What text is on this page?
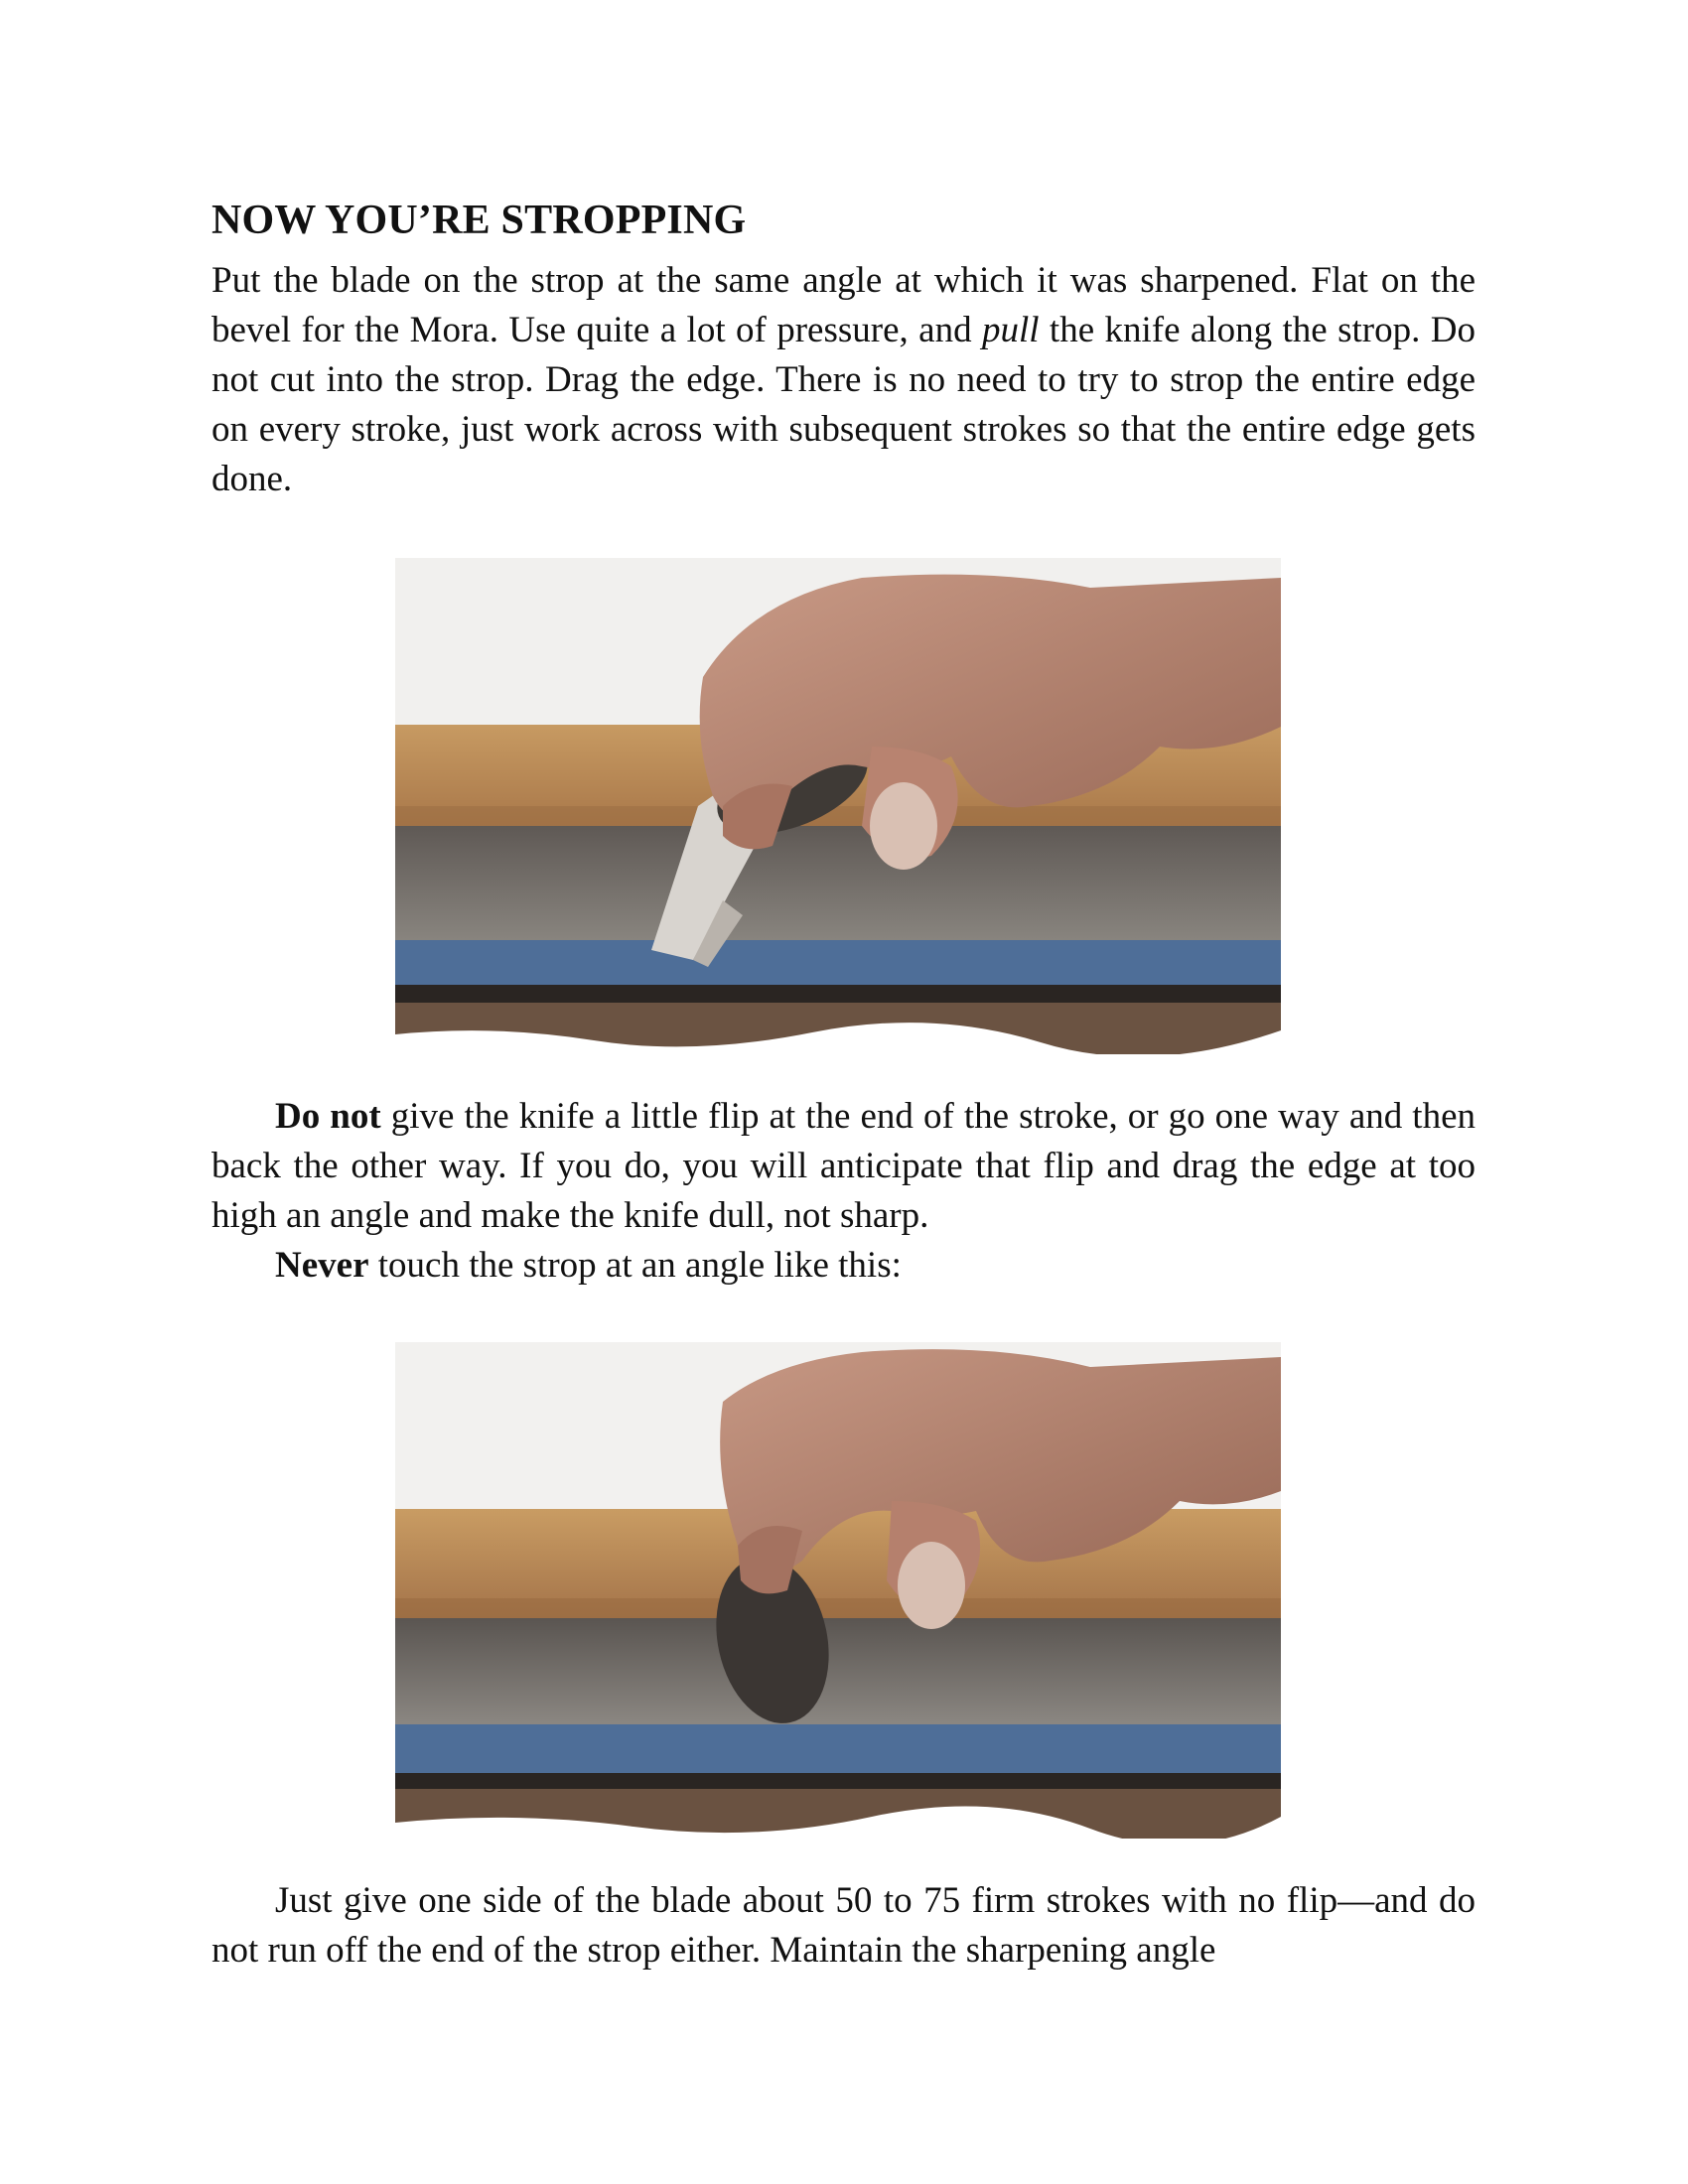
NOW YOU’RE STROPPING
Put the blade on the strop at the same angle at which it was sharpened. Flat on the bevel for the Mora. Use quite a lot of pressure, and pull the knife along the strop. Do not cut into the strop. Drag the edge. There is no need to try to strop the entire edge on every stroke, just work across with subsequent strokes so that the entire edge gets done.

Do not give the knife a little flip at the end of the stroke, or go one way and then back the other way. If you do, you will anticipate that flip and drag the edge at too high an angle and make the knife dull, not sharp.

Never touch the strop at an angle like this:

Just give one side of the blade about 50 to 75 firm strokes with no flip—and do not run off the end of the strop either. Maintain the sharpening angle
